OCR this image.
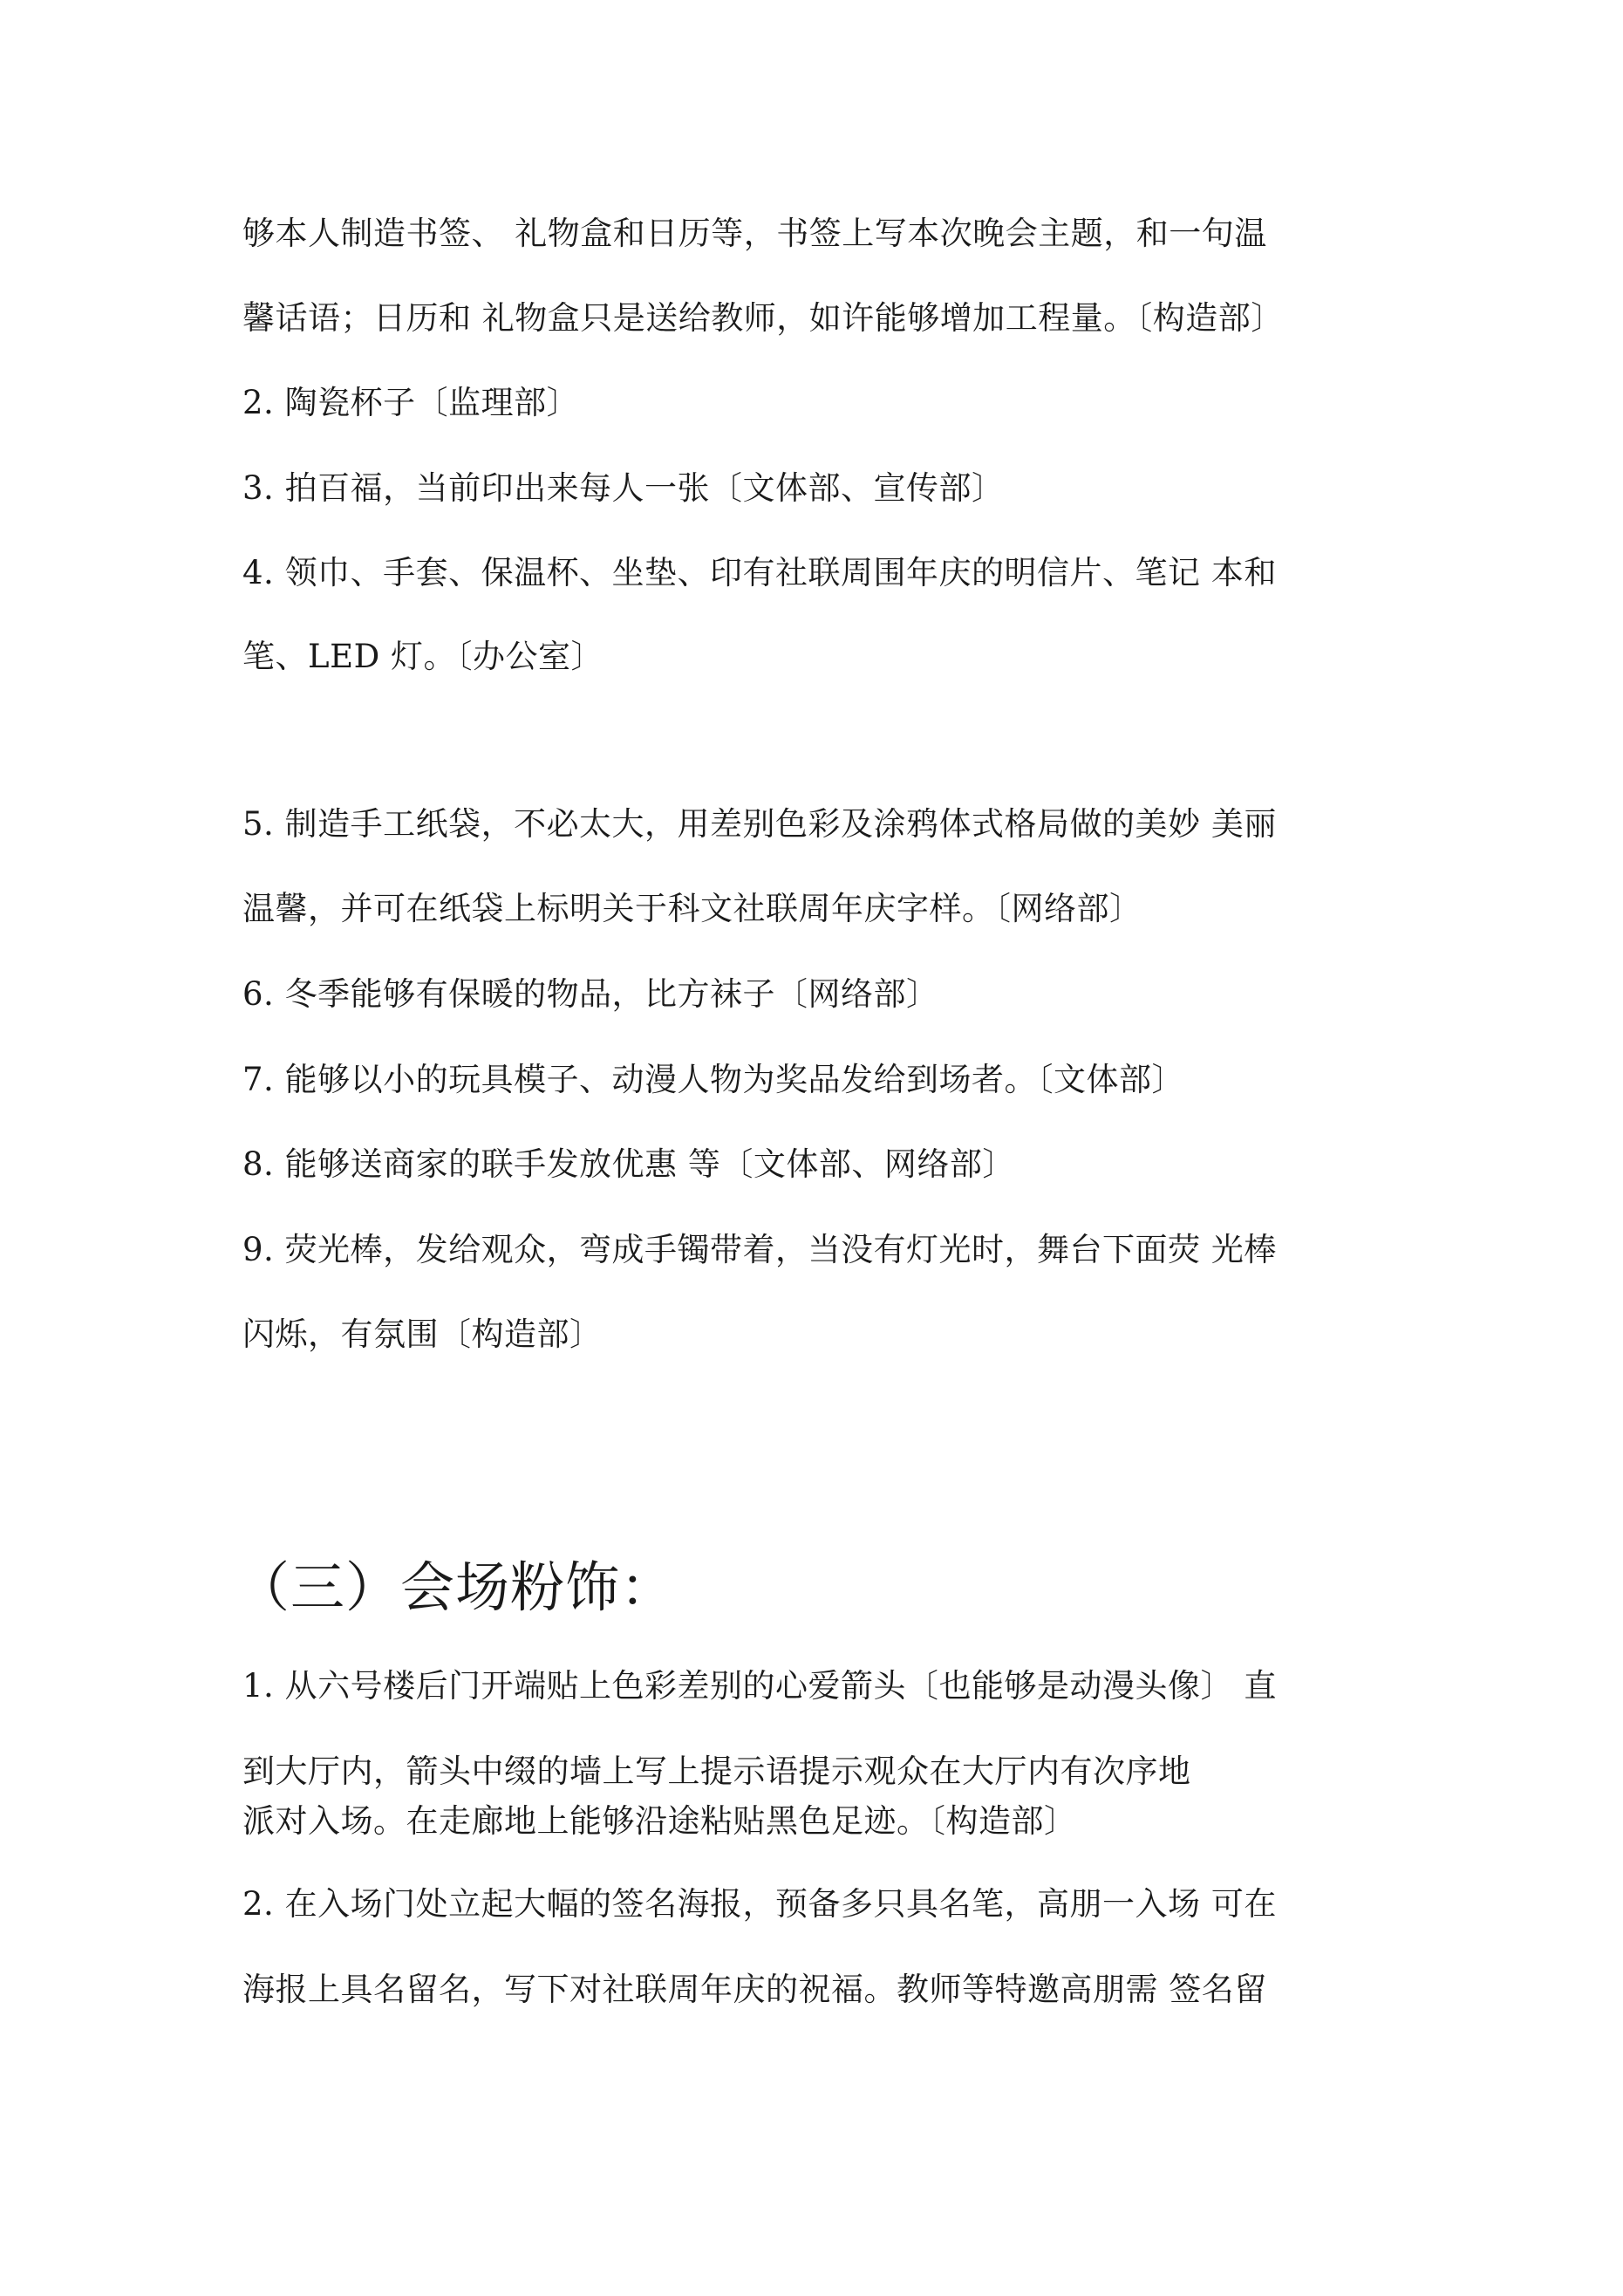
够本人制造书签、 礼物盒和日历等，书签上写本次晚会主题，和一句温
馨话语；日历和 礼物盒只是送给教师，如许能够增加工程量。〔构造部〕
2. 陶瓷杯子〔监理部〕
3. 拍百福，当前印出来每人一张〔文体部、宣传部〕
4. 领巾、手套、保温杯、坐垫、印有社联周围年庆的明信片、笔记 本和
笔、LED 灯。〔办公室〕
5. 制造手工纸袋，不必太大，用差别色彩及涂鸦体式格局做的美妙 美丽
温馨，并可在纸袋上标明关于科文社联周年庆字样。〔网络部〕
6. 冬季能够有保暖的物品，比方袜子〔网络部〕
7. 能够以小的玩具模子、动漫人物为奖品发给到场者。〔文体部〕
8. 能够送商家的联手发放优惠 等〔文体部、网络部〕
9. 荧光棒，发给观众，弯成手镯带着，当没有灯光时，舞台下面荧 光棒
闪烁，有氛围〔构造部〕
（三）会场粉饰：
1. 从六号楼后门开端贴上色彩差别的心爱箭头〔也能够是动漫头像〕 直
到大厅内，箭头中缀的墙上写上提示语提示观众在大厅内有次序地
派对入场。在走廊地上能够沿途粘贴黑色足迹。〔构造部〕
2. 在入场门处立起大幅的签名海报，预备多只具名笔，高朋一入场 可在
海报上具名留名，写下对社联周年庆的祝福。教师等特邀高朋需 签名留
